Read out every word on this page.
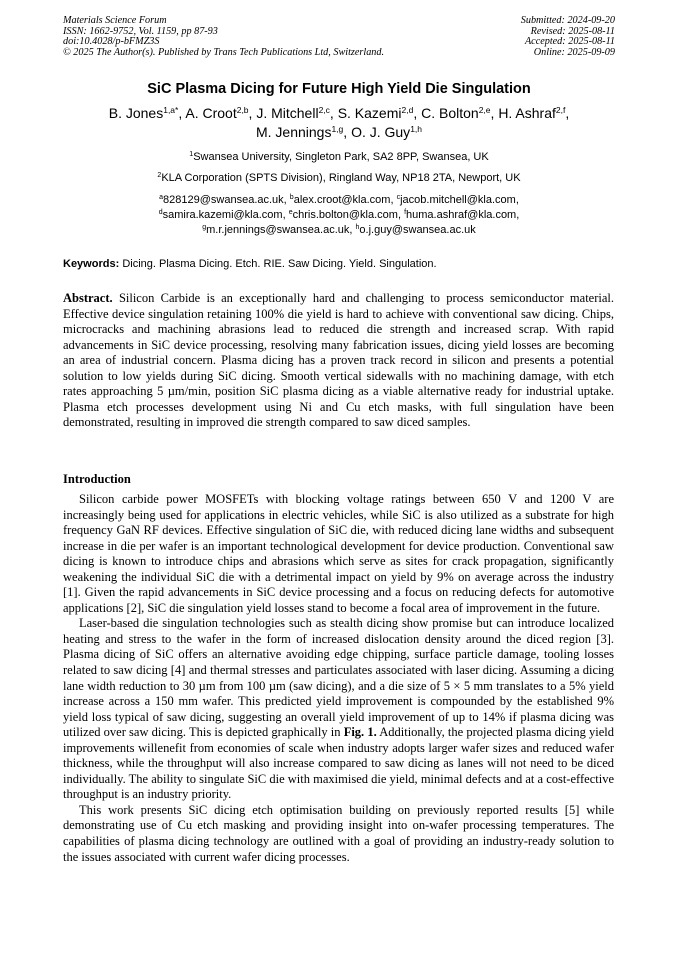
Materials Science Forum
ISSN: 1662-9752, Vol. 1159, pp 87-93
doi:10.4028/p-bFMZ3S
© 2025 The Author(s). Published by Trans Tech Publications Ltd, Switzerland.
Submitted: 2024-09-20
Revised: 2025-08-11
Accepted: 2025-08-11
Online: 2025-09-09
SiC Plasma Dicing for Future High Yield Die Singulation
B. Jones$^{1,a*}$, A. Croot$^{2,b}$, J. Mitchell$^{2,c}$, S. Kazemi$^{2,d}$, C. Bolton$^{2,e}$, H. Ashraf$^{2,f}$,
M. Jennings$^{1,g}$, O. J. Guy$^{1,h}$
$^1$Swansea University, Singleton Park, SA2 8PP, Swansea, UK
$^2$KLA Corporation (SPTS Division), Ringland Way, NP18 2TA, Newport, UK
$^a$828129@swansea.ac.uk, $^b$alex.croot@kla.com, $^c$jacob.mitchell@kla.com,
$^d$samira.kazemi@kla.com, $^e$chris.bolton@kla.com, $^f$huma.ashraf@kla.com,
$^g$m.r.jennings@swansea.ac.uk, $^h$o.j.guy@swansea.ac.uk
Keywords: Dicing. Plasma Dicing. Etch. RIE. Saw Dicing. Yield. Singulation.
Abstract. Silicon Carbide is an exceptionally hard and challenging to process semiconductor material. Effective device singulation retaining 100% die yield is hard to achieve with conventional saw dicing. Chips, microcracks and machining abrasions lead to reduced die strength and increased scrap. With rapid advancements in SiC device processing, resolving many fabrication issues, dicing yield losses are becoming an area of industrial concern. Plasma dicing has a proven track record in silicon and presents a potential solution to low yields during SiC dicing. Smooth vertical sidewalls with no machining damage, with etch rates approaching 5 µm/min, position SiC plasma dicing as a viable alternative ready for industrial uptake. Plasma etch processes development using Ni and Cu etch masks, with full singulation have been demonstrated, resulting in improved die strength compared to saw diced samples.
Introduction

Silicon carbide power MOSFETs with blocking voltage ratings between 650 V and 1200 V are increasingly being used for applications in electric vehicles, while SiC is also utilized as a substrate for high frequency GaN RF devices. Effective singulation of SiC die, with reduced dicing lane widths and subsequent increase in die per wafer is an important technological development for device production. Conventional saw dicing is known to introduce chips and abrasions which serve as sites for crack propagation, significantly weakening the individual SiC die with a detrimental impact on yield by 9% on average across the industry [1]. Given the rapid advancements in SiC device processing and a focus on reducing defects for automotive applications [2], SiC die singulation yield losses stand to become a focal area of improvement in the future.

Laser-based die singulation technologies such as stealth dicing show promise but can introduce localized heating and stress to the wafer in the form of increased dislocation density around the diced region [3]. Plasma dicing of SiC offers an alternative avoiding edge chipping, surface particle damage, tooling losses related to saw dicing [4] and thermal stresses and particulates associated with laser dicing. Assuming a dicing lane width reduction to 30 µm from 100 µm (saw dicing), and a die size of 5 × 5 mm translates to a 5% yield increase across a 150 mm wafer. This predicted yield improvement is compounded by the established 9% yield loss typical of saw dicing, suggesting an overall yield improvement of up to 14% if plasma dicing was utilized over saw dicing. This is depicted graphically in Fig. 1. Additionally, the projected plasma dicing yield improvements willenefit from economies of scale when industry adopts larger wafer sizes and reduced wafer thickness, while the throughput will also increase compared to saw dicing as lanes will not need to be diced individually. The ability to singulate SiC die with maximised die yield, minimal defects and at a cost-effective throughput is an industry priority.

This work presents SiC dicing etch optimisation building on previously reported results [5] while demonstrating use of Cu etch masking and providing insight into on-wafer processing temperatures. The capabilities of plasma dicing technology are outlined with a goal of providing an industry-ready solution to the issues associated with current wafer dicing processes.
